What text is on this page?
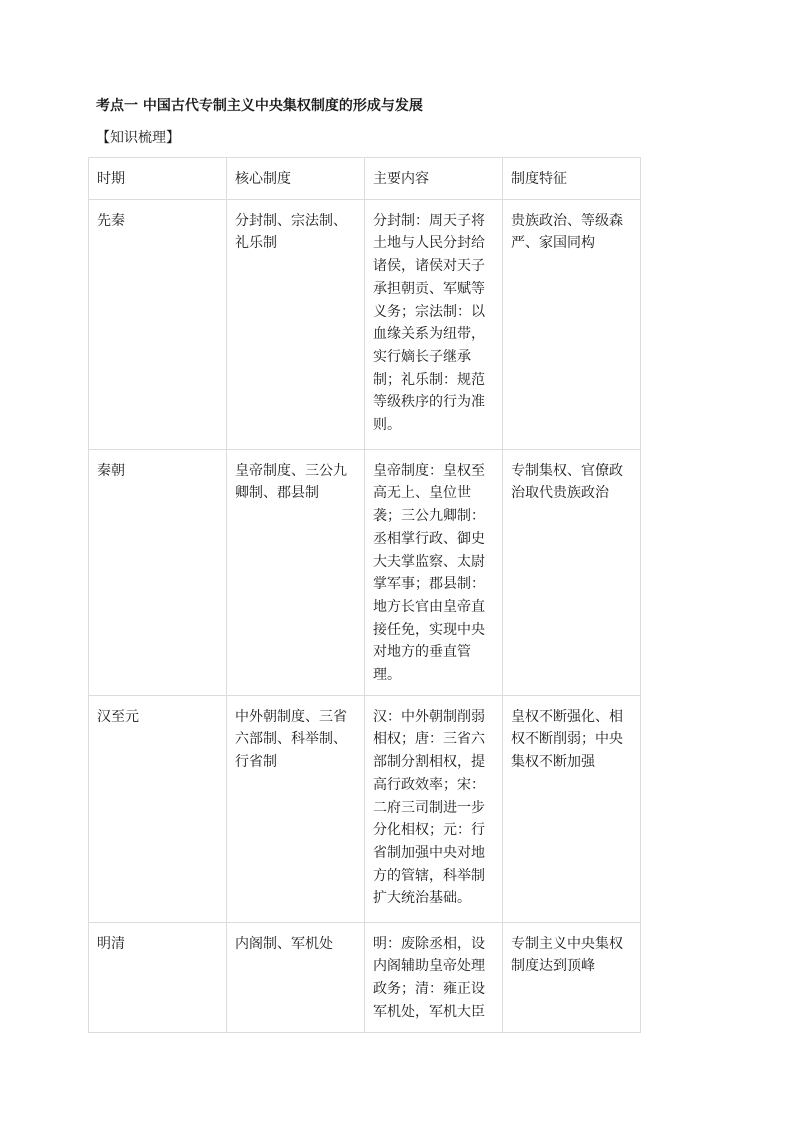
考点一 中国古代专制主义中央集权制度的形成与发展

【知识梳理】

时期	核心制度	主要内容	制度特征
先秦	分封制、宗法制、礼乐制	分封制：周天子将土地与人民分封给诸侯，诸侯对天子承担朝贡、军赋等义务；宗法制：以血缘关系为纽带，实行嫡长子继承制；礼乐制：规范等级秩序的行为准则。	贵族政治、等级森严、家国同构
秦朝	皇帝制度、三公九卿制、郡县制	皇帝制度：皇权至高无上、皇位世袭；三公九卿制：丞相掌行政、御史大夫掌监察、太尉掌军事；郡县制：地方长官由皇帝直接任免，实现中央对地方的垂直管理。	专制集权、官僚政治取代贵族政治
汉至元	中外朝制度、三省六部制、科举制、行省制	汉：中外朝制削弱相权；唐：三省六部制分割相权，提高行政效率；宋：二府三司制进一步分化相权；元：行省制加强中央对地方的管辖，科举制扩大统治基础。	皇权不断强化、相权不断削弱；中央集权不断加强
明清	内阁制、军机处	明：废除丞相，设内阁辅助皇帝处理政务；清：雍正设军机处，军机大臣	专制主义中央集权制度达到顶峰
